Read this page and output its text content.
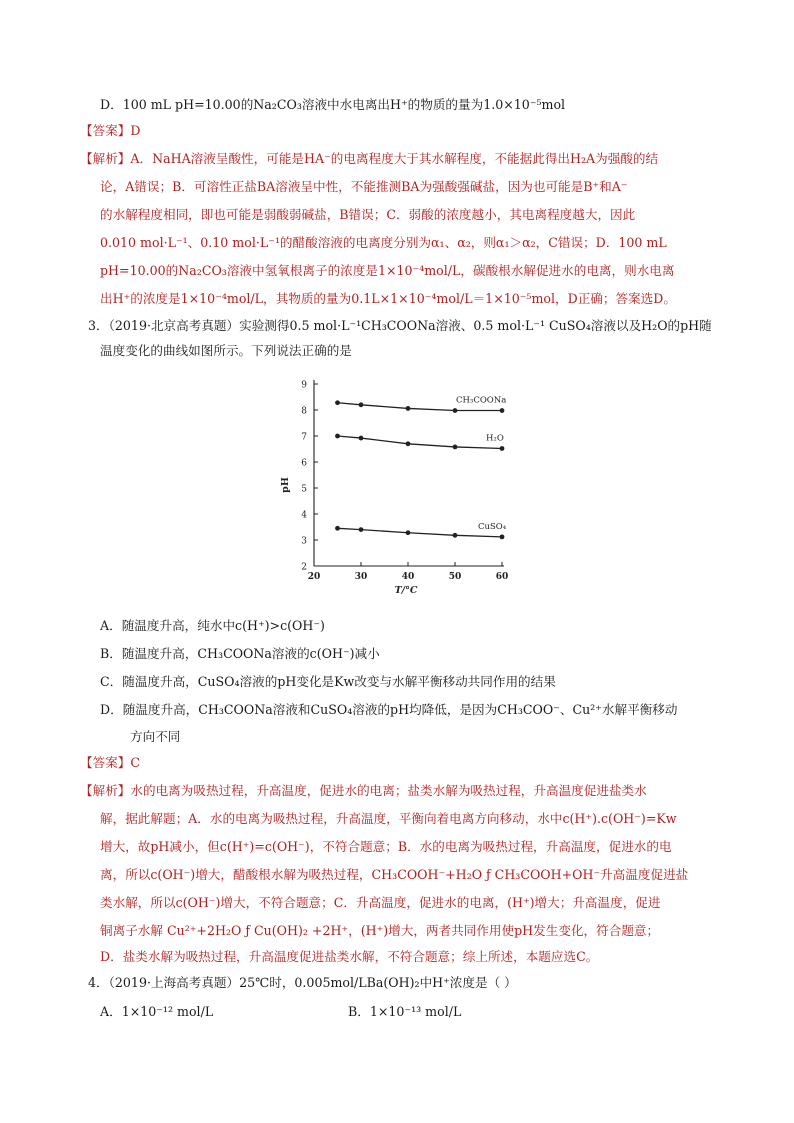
D．100 mL pH=10.00的Na₂CO₃溶液中水电离出H⁺的物质的量为1.0×10⁻⁵mol
【答案】D
【解析】A．NaHA溶液呈酸性，可能是HA⁻的电离程度大于其水解程度，不能据此得出H₂A为强酸的结
论，A错误；B．可溶性正盐BA溶液呈中性，不能推测BA为强酸强碱盐，因为也可能是B⁺和A⁻
的水解程度相同，即也可能是弱酸弱碱盐，B错误；C．弱酸的浓度越小，其电离程度越大，因此
0.010 mol·L⁻¹、0.10 mol·L⁻¹的醋酸溶液的电离度分别为α₁、α₂，则α₁＞α₂，C错误；D．100 mL
pH=10.00的Na₂CO₃溶液中氢氧根离子的浓度是1×10⁻⁴mol/L，碳酸根水解促进水的电离，则水电离
出H⁺的浓度是1×10⁻⁴mol/L，其物质的量为0.1L×1×10⁻⁴mol/L＝1×10⁻⁵mol，D正确；答案选D。
3．（2019·北京高考真题）实验测得0.5 mol·L⁻¹CH₃COONa溶液、0.5 mol·L⁻¹ CuSO₄溶液以及H₂O的pH随
温度变化的曲线如图所示。下列说法正确的是
2
3
4
5
6
7
8
9
20	30	40	50	60
pH
T/°C
CH₃COONa
H₂O
CuSO₄
A．随温度升高，纯水中c(H⁺)>c(OH⁻)
B．随温度升高，CH₃COONa溶液的c(OH⁻)减小
C．随温度升高，CuSO₄溶液的pH变化是Kw改变与水解平衡移动共同作用的结果
D．随温度升高，CH₃COONa溶液和CuSO₄溶液的pH均降低，是因为CH₃COO⁻、Cu²⁺水解平衡移动
方向不同
【答案】C
【解析】水的电离为吸热过程，升高温度，促进水的电离；盐类水解为吸热过程，升高温度促进盐类水
解，据此解题；A．水的电离为吸热过程，升高温度，平衡向着电离方向移动，水中c(H⁺).c(OH⁻)=Kw
增大，故pH减小，但c(H⁺)=c(OH⁻)，不符合题意；B．水的电离为吸热过程，升高温度，促进水的电
离，所以c(OH⁻)增大，醋酸根水解为吸热过程，CH₃COOH⁻+H₂O ƒ CH₃COOH+OH⁻升高温度促进盐
类水解，所以c(OH⁻)增大，不符合题意；C．升高温度，促进水的电离，(H⁺)增大；升高温度，促进
铜离子水解 Cu²⁺+2H₂O ƒ Cu(OH)₂ +2H⁺，(H⁺)增大，两者共同作用使pH发生变化，符合题意；
D．盐类水解为吸热过程，升高温度促进盐类水解，不符合题意；综上所述，本题应选C。
4．（2019·上海高考真题）25℃时，0.005mol/LBa(OH)₂中H⁺浓度是（ ）
A．1×10⁻¹² mol/L	B．1×10⁻¹³ mol/L
